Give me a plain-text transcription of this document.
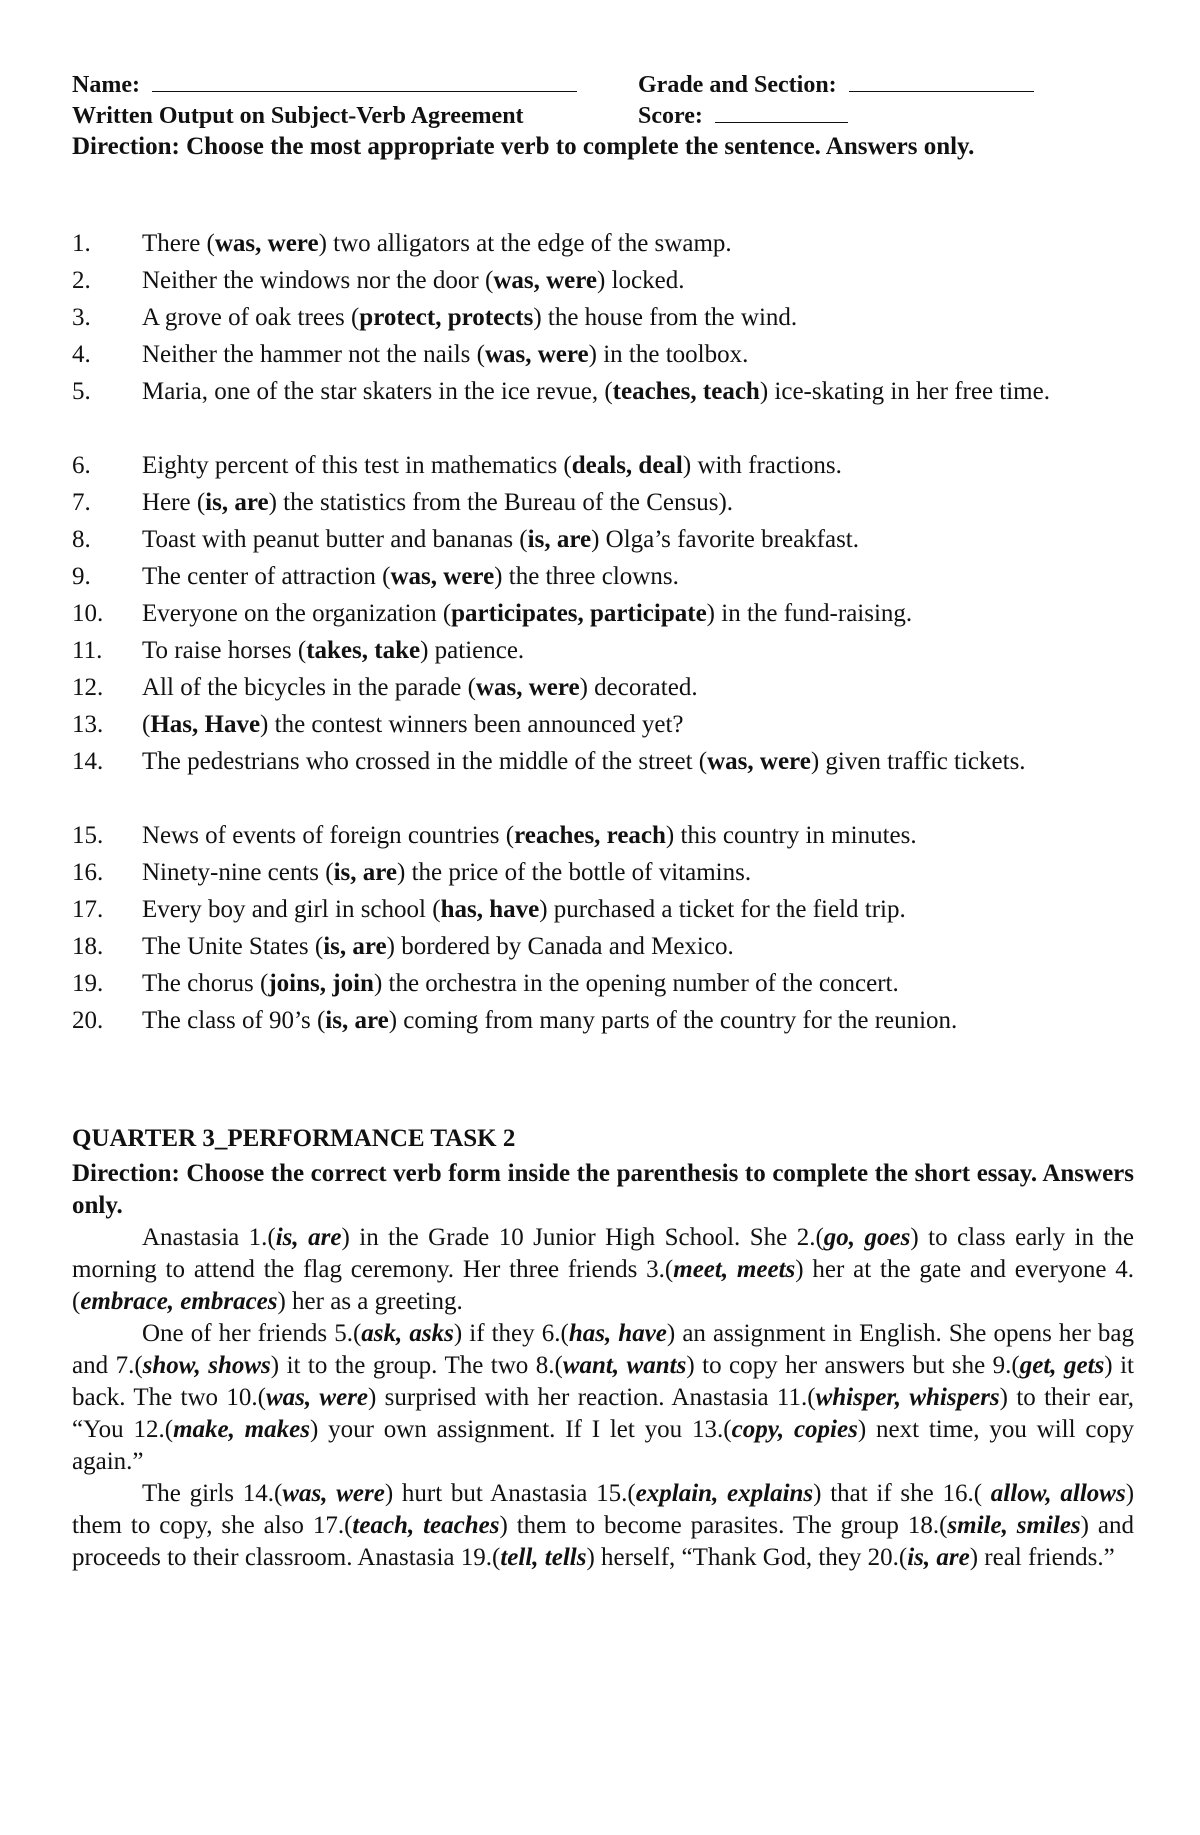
Name:	Grade and Section:
Written Output on Subject-Verb Agreement	Score:
Direction: Choose the most appropriate verb to complete the sentence. Answers only.
1.	There (was, were) two alligators at the edge of the swamp.
2.	Neither the windows nor the door (was, were) locked.
3.	A grove of oak trees (protect, protects) the house from the wind.
4.	Neither the hammer not the nails (was, were) in the toolbox.
5.	Maria, one of the star skaters in the ice revue, (teaches, teach) ice-skating in her free time.
6.	Eighty percent of this test in mathematics (deals, deal) with fractions.
7.	Here (is, are) the statistics from the Bureau of the Census).
8.	Toast with peanut butter and bananas (is, are) Olga’s favorite breakfast.
9.	The center of attraction (was, were) the three clowns.
10.	Everyone on the organization (participates, participate) in the fund-raising.
11.	To raise horses (takes, take) patience.
12.	All of the bicycles in the parade (was, were) decorated.
13.	(Has, Have) the contest winners been announced yet?
14.	The pedestrians who crossed in the middle of the street (was, were) given traffic tickets.
15.	News of events of foreign countries (reaches, reach) this country in minutes.
16.	Ninety-nine cents (is, are) the price of the bottle of vitamins.
17.	Every boy and girl in school (has, have) purchased a ticket for the field trip.
18.	The Unite States (is, are) bordered by Canada and Mexico.
19.	The chorus (joins, join) the orchestra in the opening number of the concert.
20.	The class of 90’s (is, are) coming from many parts of the country for the reunion.
QUARTER 3_PERFORMANCE TASK 2
Direction: Choose the correct verb form inside the parenthesis to complete the short essay. Answers only.

Anastasia 1.(is, are) in the Grade 10 Junior High School. She 2.(go, goes) to class early in the morning to attend the flag ceremony. Her three friends 3.(meet, meets) her at the gate and everyone 4.(embrace, embraces) her as a greeting.

One of her friends 5.(ask, asks) if they 6.(has, have) an assignment in English. She opens her bag and 7.(show, shows) it to the group. The two 8.(want, wants) to copy her answers but she 9.(get, gets) it back. The two 10.(was, were) surprised with her reaction. Anastasia 11.(whisper, whispers) to their ear, “You 12.(make, makes) your own assignment. If I let you 13.(copy, copies) next time, you will copy again.”

The girls 14.(was, were) hurt but Anastasia 15.(explain, explains) that if she 16.( allow, allows) them to copy, she also 17.(teach, teaches) them to become parasites. The group 18.(smile, smiles) and proceeds to their classroom. Anastasia 19.(tell, tells) herself, “Thank God, they 20.(is, are) real friends.”
